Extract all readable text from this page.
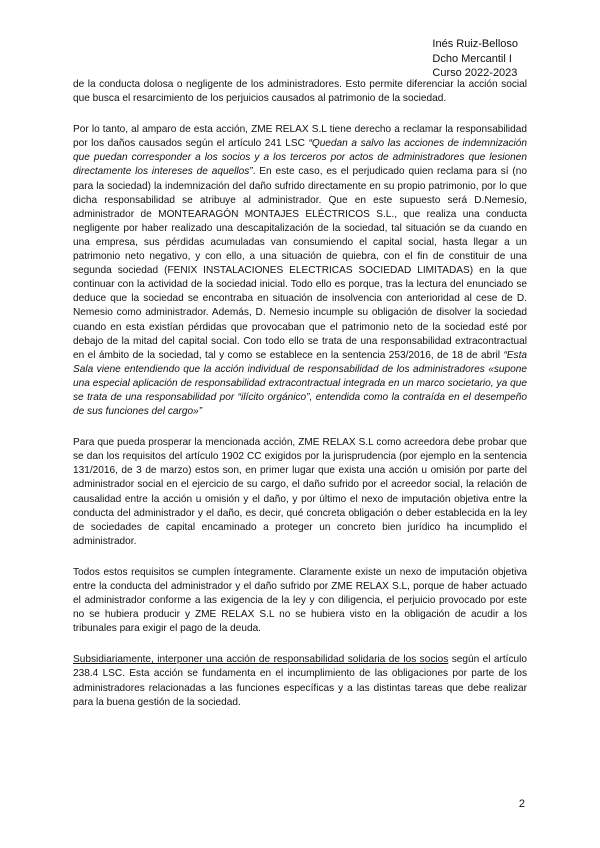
Inés Ruiz-Belloso
Dcho Mercantil I
Curso 2022-2023

de la conducta dolosa o negligente de los administradores. Esto permite diferenciar la acción social que busca el resarcimiento de los perjuicios causados al patrimonio de la sociedad.

Por lo tanto, al amparo de esta acción, ZME RELAX S.L tiene derecho a reclamar la responsabilidad por los daños causados según el artículo 241 LSC “Quedan a salvo las acciones de indemnización que puedan corresponder a los socios y a los terceros por actos de administradores que lesionen directamente los intereses de aquellos”. En este caso, es el perjudicado quien reclama para sí (no para la sociedad) la indemnización del daño sufrido directamente en su propio patrimonio, por lo que dicha responsabilidad se atribuye al administrador. Que en este supuesto será D.Nemesio, administrador de MONTEARAGÓN MONTAJES ELÉCTRICOS S.L., que realiza una conducta negligente por haber realizado una descapitalización de la sociedad, tal situación se da cuando en una empresa, sus pérdidas acumuladas van consumiendo el capital social, hasta llegar a un patrimonio neto negativo, y con ello, a una situación de quiebra, con el fin de constituir de una segunda sociedad (FENIX INSTALACIONES ELECTRICAS SOCIEDAD LIMITADAS) en la que continuar con la actividad de la sociedad inicial. Todo ello es porque, tras la lectura del enunciado se deduce que la sociedad se encontraba en situación de insolvencia con anterioridad al cese de D. Nemesio como administrador. Además, D. Nemesio incumple su obligación de disolver la sociedad cuando en esta existían pérdidas que provocaban que el patrimonio neto de la sociedad esté por debajo de la mitad del capital social. Con todo ello se trata de una responsabilidad extracontractual en el ámbito de la sociedad, tal y como se establece en la sentencia 253/2016, de 18 de abril “Esta Sala viene entendiendo que la acción individual de responsabilidad de los administradores «supone una especial aplicación de responsabilidad extracontractual integrada en un marco societario, ya que se trata de una responsabilidad por “ilícito orgánico”, entendida como la contraída en el desempeño de sus funciones del cargo»”

Para que pueda prosperar la mencionada acción, ZME RELAX S.L como acreedora debe probar que se dan los requisitos del artículo 1902 CC exigidos por la jurisprudencia (por ejemplo en la sentencia 131/2016, de 3 de marzo) estos son, en primer lugar que exista una acción u omisión por parte del administrador social en el ejercicio de su cargo, el daño sufrido por el acreedor social, la relación de causalidad entre la acción u omisión y el daño, y por último el nexo de imputación objetiva entre la conducta del administrador y el daño, es decir, qué concreta obligación o deber establecida en la ley de sociedades de capital encaminado a proteger un concreto bien jurídico ha incumplido el administrador.

Todos estos requisitos se cumplen íntegramente. Claramente existe un nexo de imputación objetiva entre la conducta del administrador y el daño sufrido por ZME RELAX S.L, porque de haber actuado el administrador conforme a las exigencia de la ley y con diligencia, el perjuicio provocado por este no se hubiera producir y ZME RELAX S.L no se hubiera visto en la obligación de acudir a los tribunales para exigir el pago de la deuda.

Subsidiariamente, interponer una acción de responsabilidad solidaria de los socios según el artículo 238.4 LSC. Esta acción se fundamenta en el incumplimiento de las obligaciones por parte de los administradores relacionadas a las funciones específicas y a las distintas tareas que debe realizar para la buena gestión de la sociedad.

2
